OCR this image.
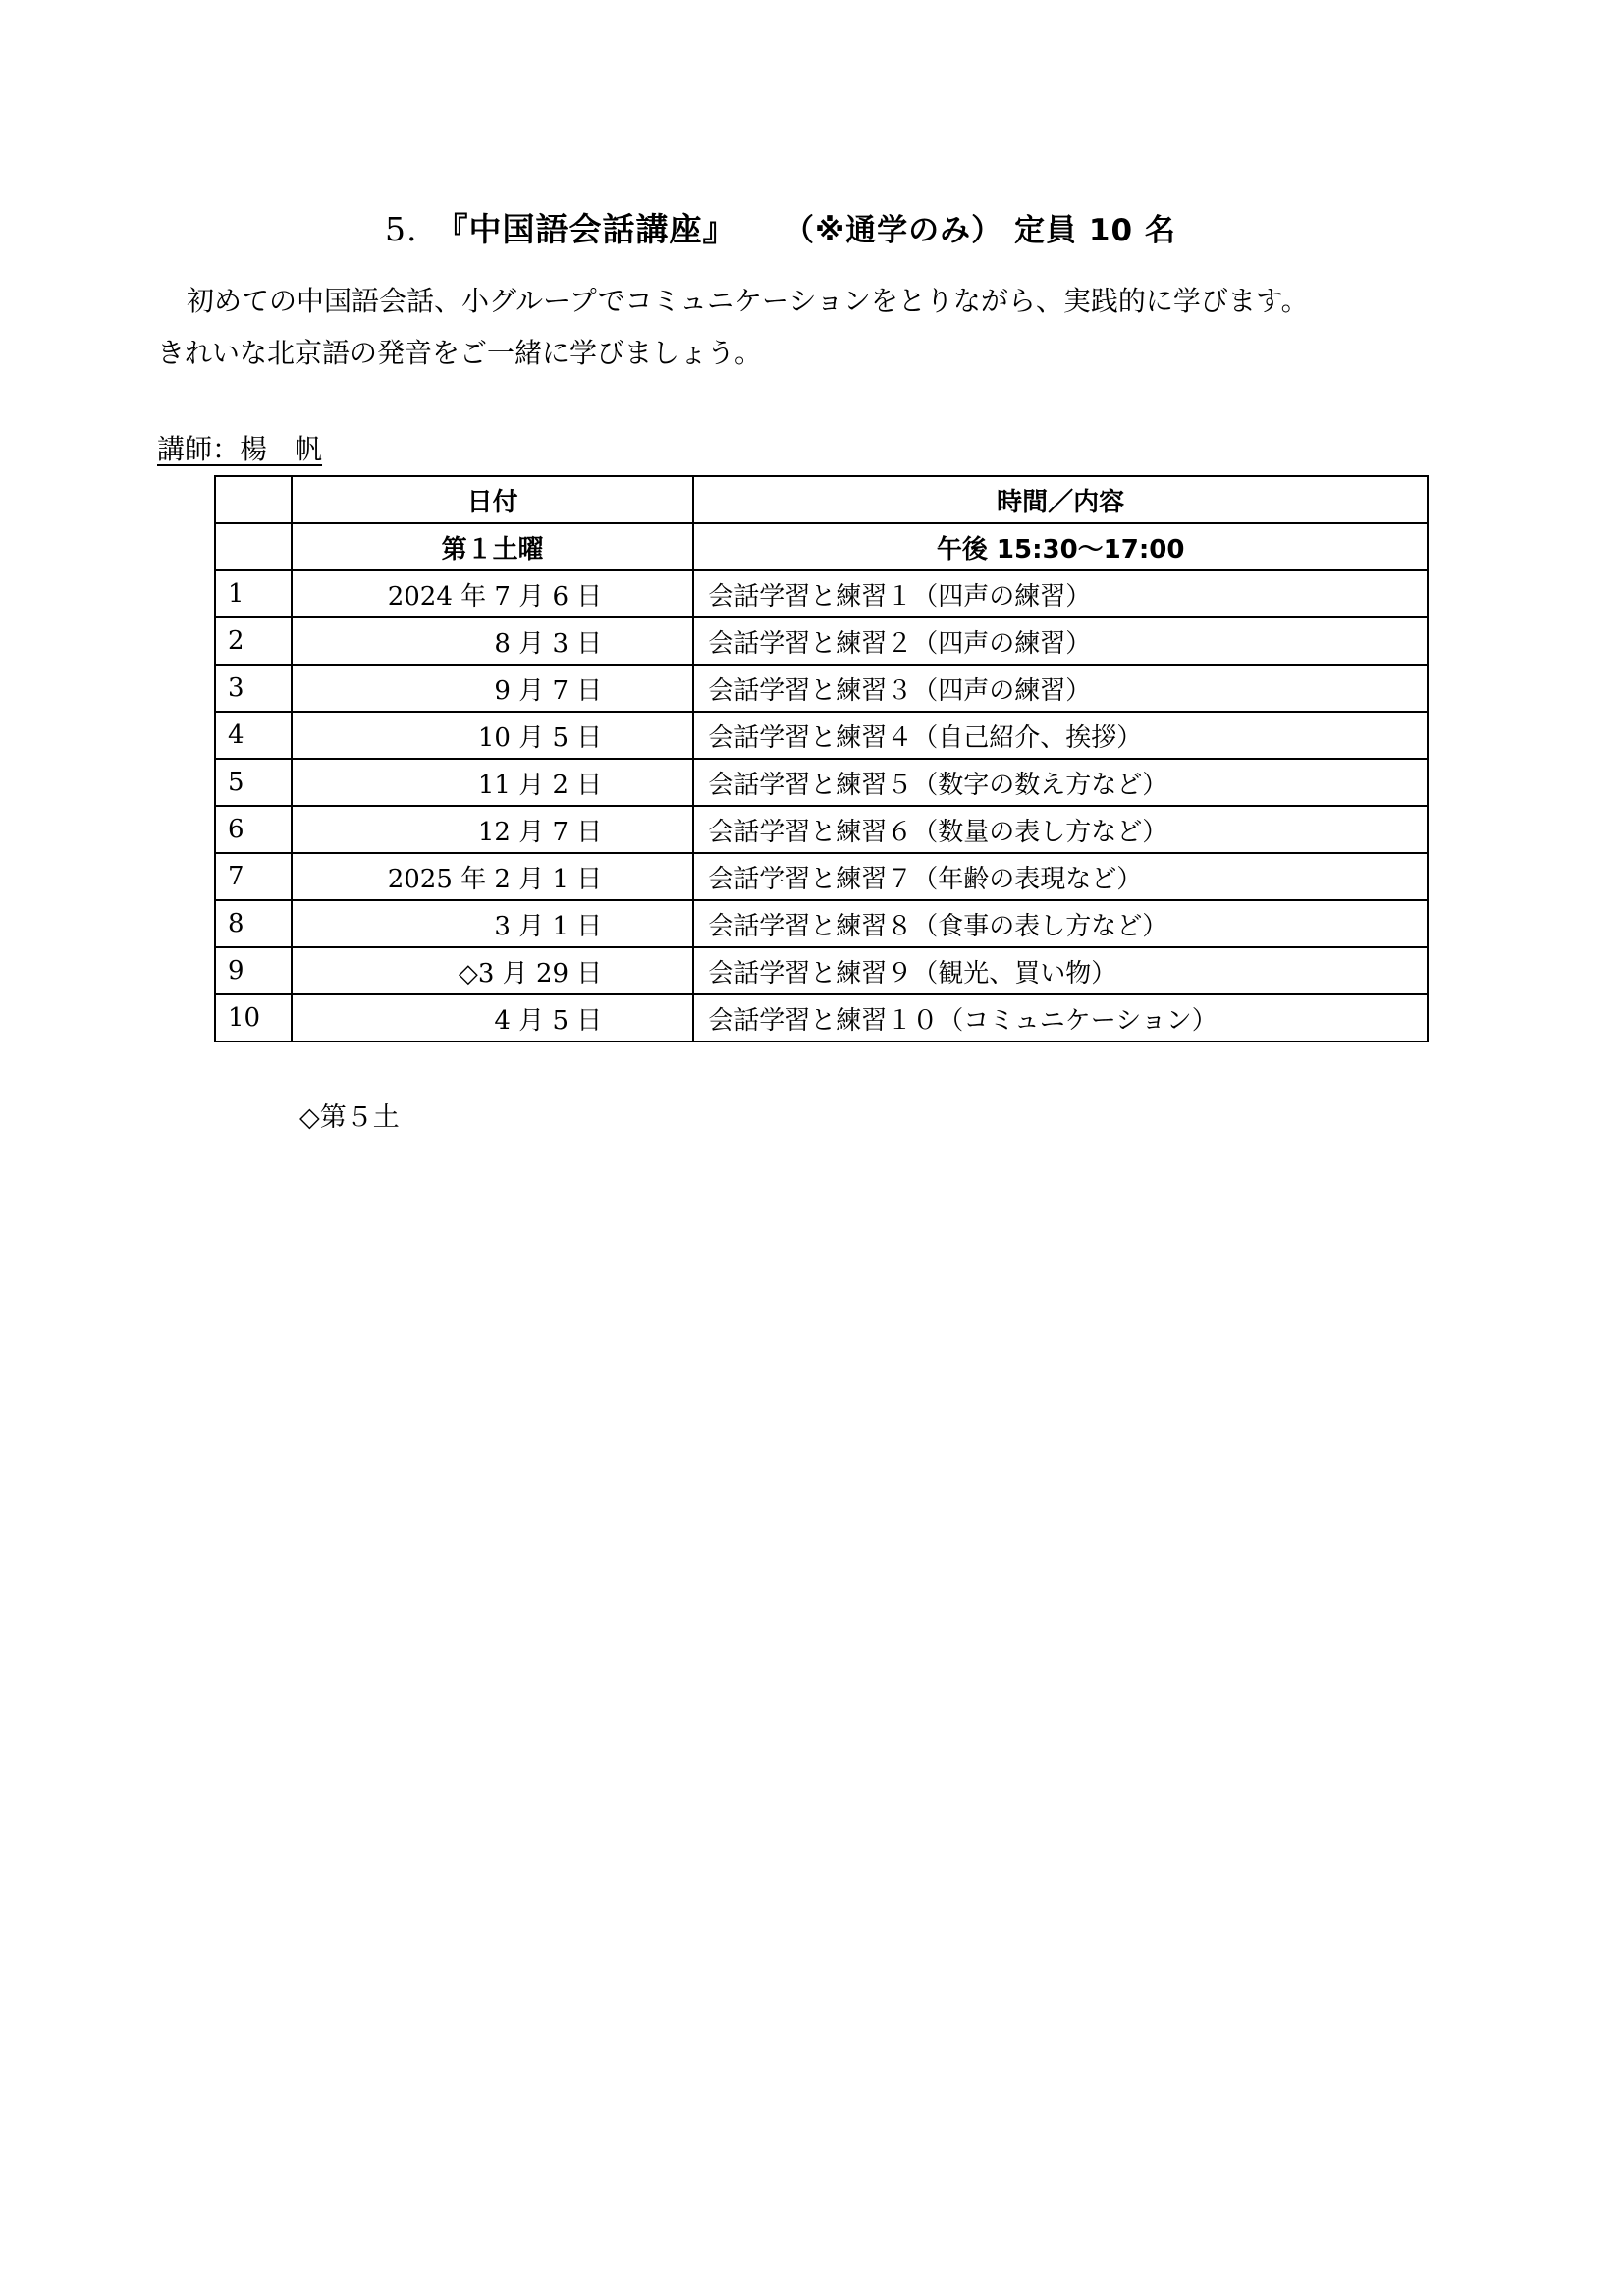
5. 『中国語会話講座』 （※通学のみ） 定員 10 名

初めての中国語会話、小グループでコミュニケーションをとりながら、実践的に学びます。

きれいな北京語の発音をご一緒に学びましょう。

講師：楊　帆
	日付	時間／内容
	第１土曜	午後 15:30〜17:00
1	2024 年 7 月 6 日	会話学習と練習１（四声の練習）
2	8 月 3 日	会話学習と練習２（四声の練習）
3	9 月 7 日	会話学習と練習３（四声の練習）
4	10 月 5 日	会話学習と練習４（自己紹介、挨拶）
5	11 月 2 日	会話学習と練習５（数字の数え方など）
6	12 月 7 日	会話学習と練習６（数量の表し方など）
7	2025 年 2 月 1 日	会話学習と練習７（年齢の表現など）
8	3 月 1 日	会話学習と練習８（食事の表し方など）
9	◇3 月 29 日	会話学習と練習９（観光、買い物）
10	4 月 5 日	会話学習と練習１０（コミュニケーション）
◇第５土
